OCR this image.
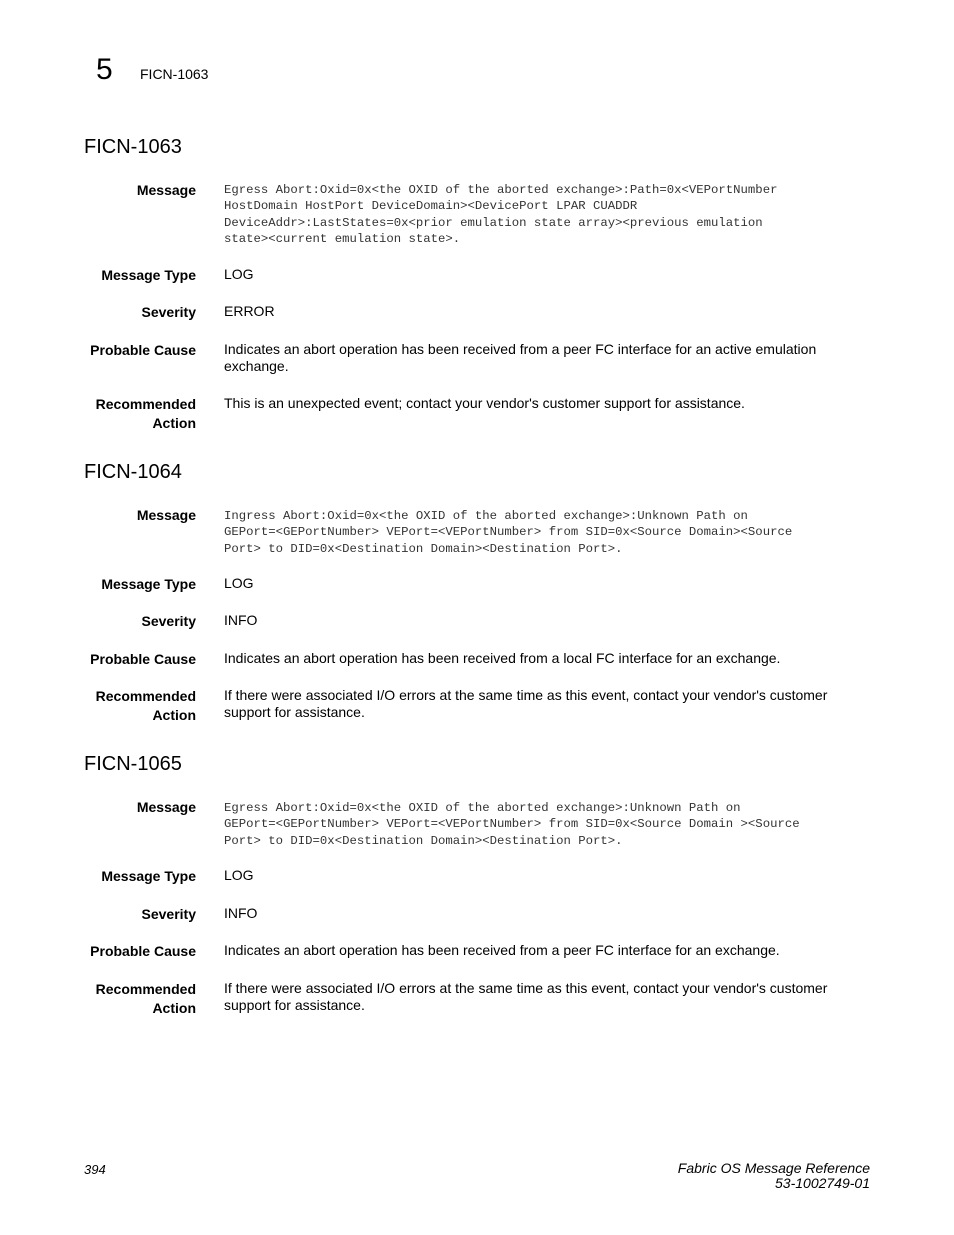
5 FICN-1063
FICN-1063
Message Egress Abort:Oxid=0x<the OXID of the aborted exchange>:Path=0x<VEPortNumber
HostDomain HostPort DeviceDomain><DevicePort LPAR CUADDR
DeviceAddr>:LastStates=0x<prior emulation state array><previous emulation
state><current emulation state>.
Message Type LOG
Severity ERROR
Probable Cause Indicates an abort operation has been received from a peer FC interface for an active emulation exchange.
Recommended
Action
This is an unexpected event; contact your vendor's customer support for assistance.
FICN-1064
Message Ingress Abort:Oxid=0x<the OXID of the aborted exchange>:Unknown Path on
GEPort=<GEPortNumber> VEPort=<VEPortNumber> from SID=0x<Source Domain><Source
Port> to DID=0x<Destination Domain><Destination Port>.
Message Type LOG
Severity INFO
Probable Cause Indicates an abort operation has been received from a local FC interface for an exchange.
Recommended
Action
If there were associated I/O errors at the same time as this event, contact your vendor's customer support for assistance.
FICN-1065
Message Egress Abort:Oxid=0x<the OXID of the aborted exchange>:Unknown Path on
GEPort=<GEPortNumber> VEPort=<VEPortNumber> from SID=0x<Source Domain ><Source
Port> to DID=0x<Destination Domain><Destination Port>.
Message Type LOG
Severity INFO
Probable Cause Indicates an abort operation has been received from a peer FC interface for an exchange.
Recommended
Action
If there were associated I/O errors at the same time as this event, contact your vendor's customer support for assistance.
394	Fabric OS Message Reference
53-1002749-01
